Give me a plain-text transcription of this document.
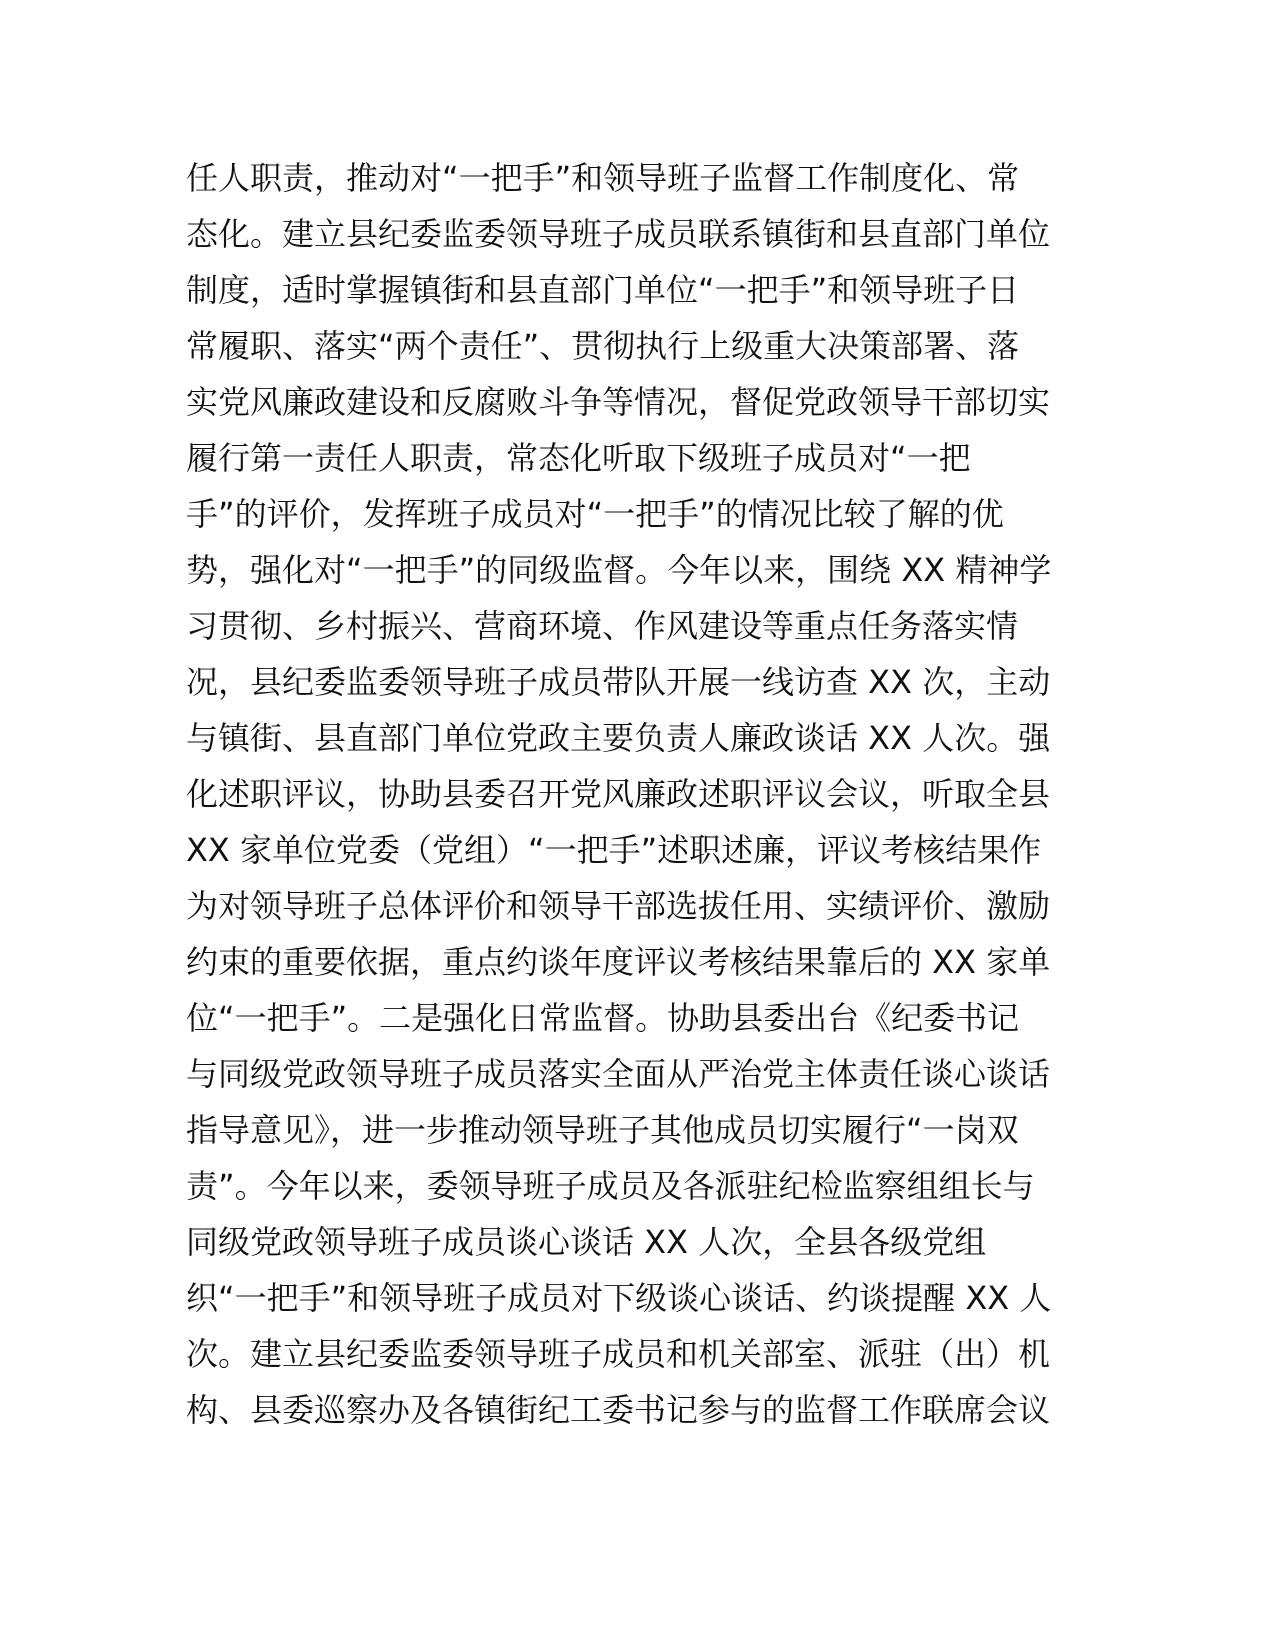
任人职责，推动对“一把手”和领导班子监督工作制度化、常
态化。建立县纪委监委领导班子成员联系镇街和县直部门单位
制度，适时掌握镇街和县直部门单位“一把手”和领导班子日
常履职、落实“两个责任”、贯彻执行上级重大决策部署、落
实党风廉政建设和反腐败斗争等情况，督促党政领导干部切实
履行第一责任人职责，常态化听取下级班子成员对“一把
手”的评价，发挥班子成员对“一把手”的情况比较了解的优
势，强化对“一把手”的同级监督。今年以来，围绕 XX 精神学
习贯彻、乡村振兴、营商环境、作风建设等重点任务落实情
况，县纪委监委领导班子成员带队开展一线访查 XX 次，主动
与镇街、县直部门单位党政主要负责人廉政谈话 XX 人次。强
化述职评议，协助县委召开党风廉政述职评议会议，听取全县
XX 家单位党委（党组）“一把手”述职述廉，评议考核结果作
为对领导班子总体评价和领导干部选拔任用、实绩评价、激励
约束的重要依据，重点约谈年度评议考核结果靠后的 XX 家单
位“一把手”。二是强化日常监督。协助县委出台《纪委书记
与同级党政领导班子成员落实全面从严治党主体责任谈心谈话
指导意见》，进一步推动领导班子其他成员切实履行“一岗双
责”。今年以来，委领导班子成员及各派驻纪检监察组组长与
同级党政领导班子成员谈心谈话 XX 人次，全县各级党组
织“一把手”和领导班子成员对下级谈心谈话、约谈提醒 XX 人
次。建立县纪委监委领导班子成员和机关部室、派驻（出）机
构、县委巡察办及各镇街纪工委书记参与的监督工作联席会议
